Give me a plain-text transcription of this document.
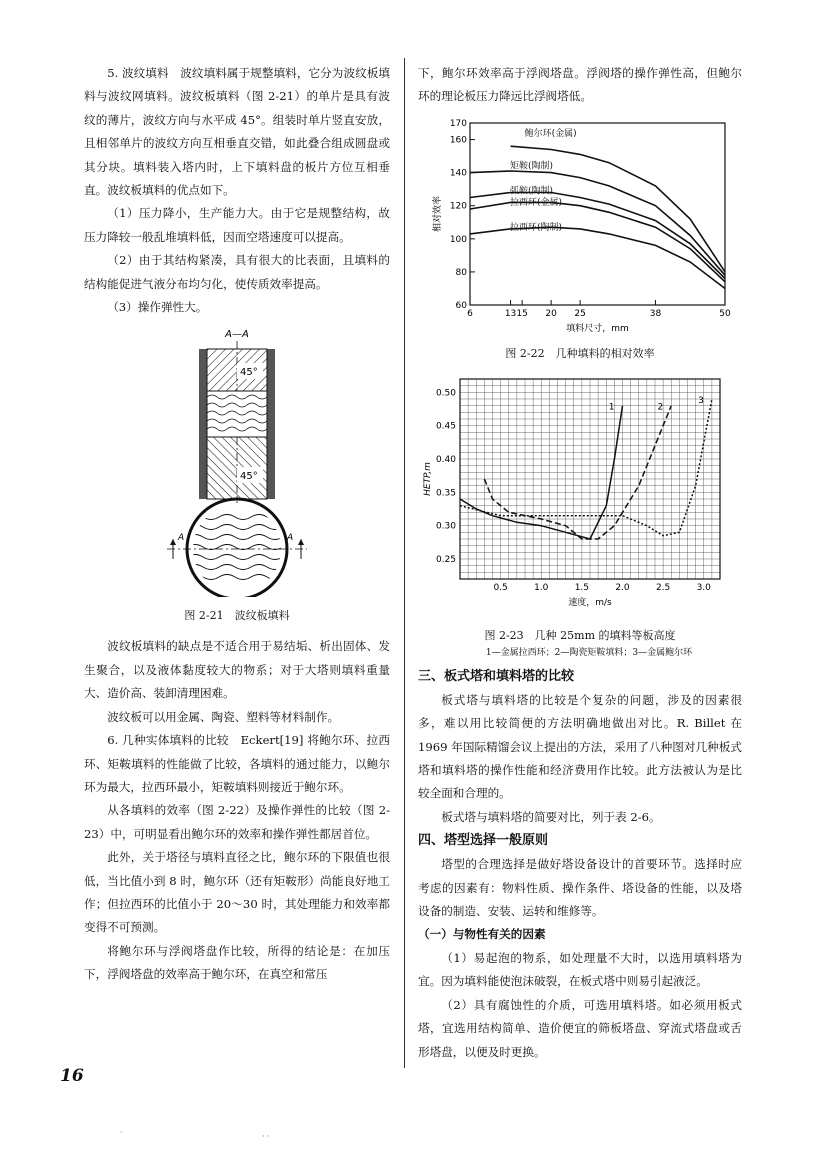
5. 波纹填料　波纹填料属于规整填料，它分为波纹板填料与波纹网填料。波纹板填料（图 2-21）的单片是具有波纹的薄片，波纹方向与水平成 45°。组装时单片竖直安放，且相邻单片的波纹方向互相垂直交错，如此叠合组成圆盘或其分块。填料装入塔内时，上下填料盘的板片方位互相垂直。波纹板填料的优点如下。

（1）压力降小，生产能力大。由于它是规整结构，故压力降较一般乱堆填料低，因而空塔速度可以提高。

（2）由于其结构紧凑，具有很大的比表面，且填料的结构能促进气液分布均匀化，使传质效率提高。

（3）操作弹性大。

A—A
45°
45°
A	A

图 2-21　波纹板填料

波纹板填料的缺点是不适合用于易结垢、析出固体、发生聚合，以及液体黏度较大的物系；对于大塔则填料重量大、造价高、装卸清理困难。

波纹板可以用金属、陶瓷、塑料等材料制作。

6. 几种实体填料的比较　Eckert[19] 将鲍尔环、拉西环、矩鞍填料的性能做了比较，各填料的通过能力，以鲍尔环为最大，拉西环最小，矩鞍填料则接近于鲍尔环。

从各填料的效率（图 2-22）及操作弹性的比较（图 2-23）中，可明显看出鲍尔环的效率和操作弹性都居首位。

此外，关于塔径与填料直径之比，鲍尔环的下限值也很低，当比值小到 8 时，鲍尔环（还有矩鞍形）尚能良好地工作；但拉西环的比值小于 20～30 时，其处理能力和效率都变得不可预测。

将鲍尔环与浮阀塔盘作比较，所得的结论是：在加压下，浮阀塔盘的效率高于鲍尔环，在真空和常压

下，鲍尔环效率高于浮阀塔盘。浮阀塔的操作弹性高，但鲍尔环的理论板压力降远比浮阀塔低。

60
80
100
120
140
160
170
6	13 15 20 25	38	50
填料尺寸，mm
相对效率
鲍尔环(金属)
矩鞍(陶制)
弧鞍(陶制)
拉西环(金属)
拉西环(陶制)

图 2-22　几种填料的相对效率

0.25
0.30
0.35
0.40
0.45
0.50
0.5	1.0	1.5	2.0	2.5	3.0
速度，m/s
HETP,m
1	2
3

图 2-23　几种 25mm 的填料等板高度

1—金属拉西环；2—陶瓷矩鞍填料；3—金属鲍尔环

三、板式塔和填料塔的比较

板式塔与填料塔的比较是个复杂的问题，涉及的因素很多，难以用比较简便的方法明确地做出对比。R. Billet 在 1969 年国际精馏会议上提出的方法，采用了八种图对几种板式塔和填料塔的操作性能和经济费用作比较。此方法被认为是比较全面和合理的。

板式塔与填料塔的简要对比，列于表 2-6。

四、塔型选择一般原则

塔型的合理选择是做好塔设备设计的首要环节。选择时应考虑的因素有：物料性质、操作条件、塔设备的性能，以及塔设备的制造、安装、运转和维修等。

（一）与物性有关的因素

（1）易起泡的物系，如处理量不大时，以选用填料塔为宜。因为填料能使泡沫破裂，在板式塔中则易引起液泛。

（2）具有腐蚀性的介质，可选用填料塔。如必须用板式塔，宜选用结构简单、造价便宜的筛板塔盘、穿流式塔盘或舌形塔盘，以便及时更换。

16
·	· ·
